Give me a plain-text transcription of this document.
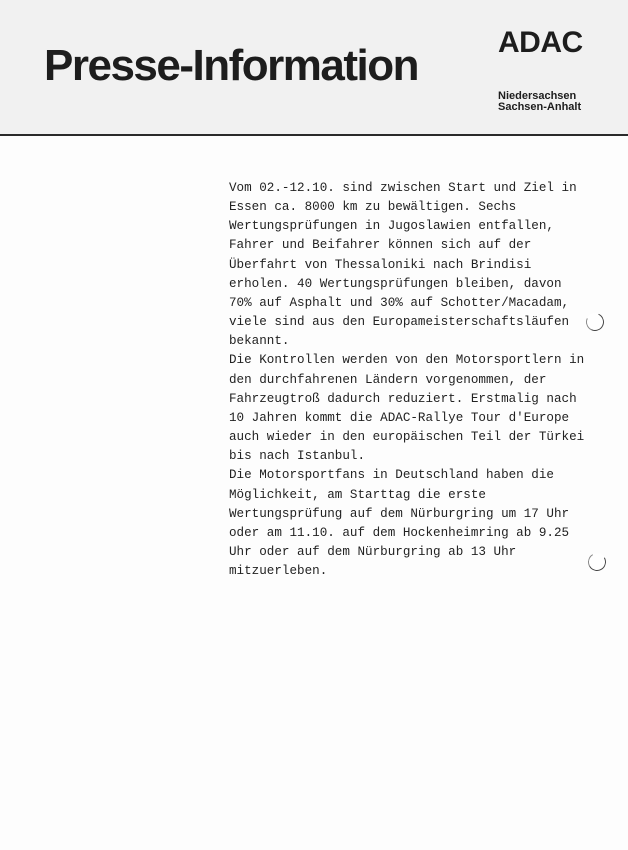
Presse-Information	ADAC
Niedersachsen
Sachsen-Anhalt
Vom 02.-12.10. sind zwischen Start und Ziel in
Essen ca. 8000 km zu bewältigen. Sechs
Wertungsprüfungen in Jugoslawien entfallen,
Fahrer und Beifahrer können sich auf der
Überfahrt von Thessaloniki nach Brindisi
erholen. 40 Wertungsprüfungen bleiben, davon
70% auf Asphalt und 30% auf Schotter/Macadam,
viele sind aus den Europameisterschaftsläufen
bekannt.
Die Kontrollen werden von den Motorsportlern in
den durchfahrenen Ländern vorgenommen, der
Fahrzeugtroß dadurch reduziert. Erstmalig nach
10 Jahren kommt die ADAC-Rallye Tour d'Europe
auch wieder in den europäischen Teil der Türkei
bis nach Istanbul.
Die Motorsportfans in Deutschland haben die
Möglichkeit, am Starttag die erste
Wertungsprüfung auf dem Nürburgring um 17 Uhr
oder am 11.10. auf dem Hockenheimring ab 9.25
Uhr oder auf dem Nürburgring ab 13 Uhr
mitzuerleben.
